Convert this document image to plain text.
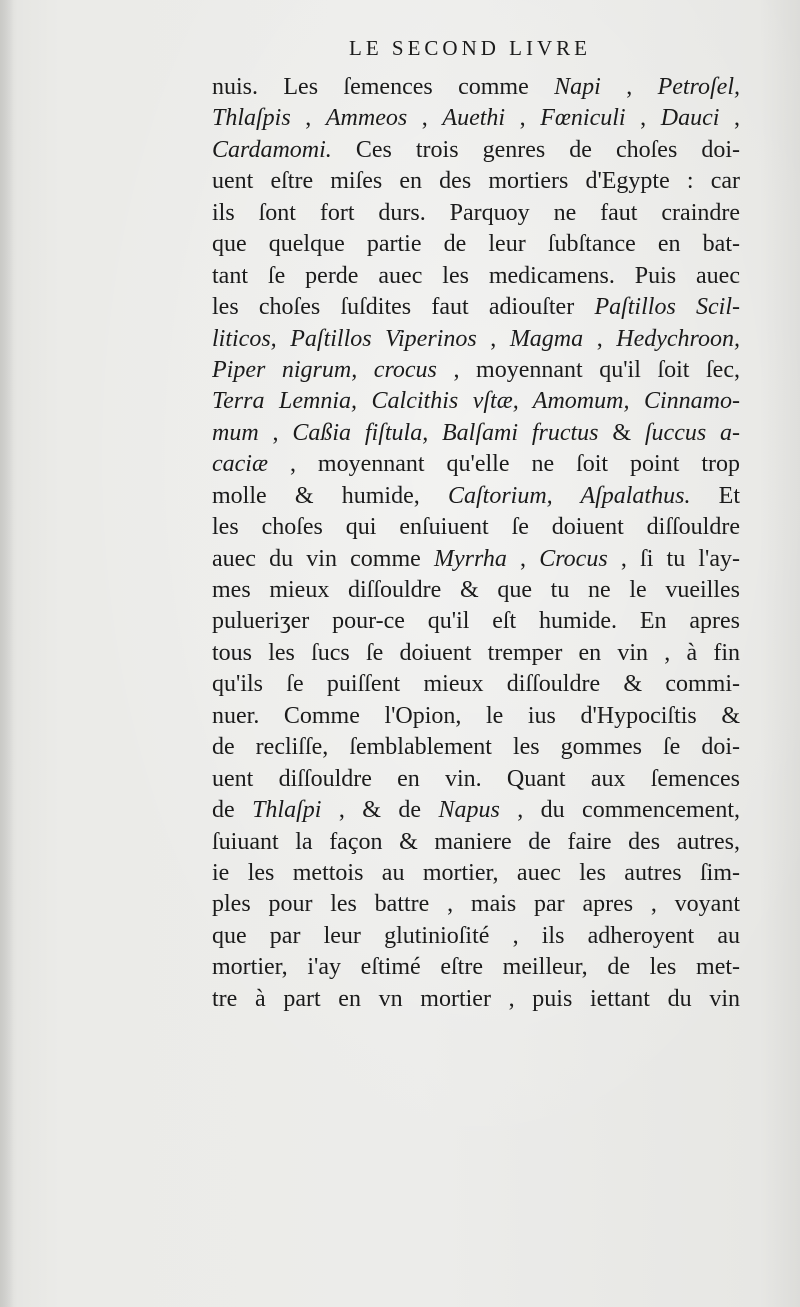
LE SECOND LIVRE
nuis. Les ſemences comme Napi , Petroſel,
Thlaſpis , Ammeos , Auethi , Fœniculi , Dauci ,
Cardamomi. Ces trois genres de choſes doi-
uent eſtre miſes en des mortiers d'Egypte : car
ils ſont fort durs. Parquoy ne faut craindre
que quelque partie de leur ſubſtance en bat-
tant ſe perde auec les medicamens. Puis auec
les choſes ſuſdites faut adiouſter Paſtillos Scil-
liticos, Paſtillos Viperinos , Magma , Hedychroon,
Piper nigrum, crocus , moyennant qu'il ſoit ſec,
Terra Lemnia, Calcithis vſtæ, Amomum, Cinnamo-
mum , Caßia fiſtula, Balſami fructus & ſuccus a-
caciæ , moyennant qu'elle ne ſoit point trop
molle & humide, Caſtorium, Aſpalathus. Et
les choſes qui enſuiuent ſe doiuent diſſouldre
auec du vin comme Myrrha , Crocus , ſi tu l'ay-
mes mieux diſſouldre & que tu ne le vueilles
pulueriʒer pour-ce qu'il eſt humide. En apres
tous les ſucs ſe doiuent tremper en vin , à fin
qu'ils ſe puiſſent mieux diſſouldre & commi-
nuer. Comme l'Opion, le ius d'Hypociſtis &
de recliſſe, ſemblablement les gommes ſe doi-
uent diſſouldre en vin. Quant aux ſemences
de Thlaſpi , & de Napus , du commencement,
ſuiuant la façon & maniere de faire des autres,
ie les mettois au mortier, auec les autres ſim-
ples pour les battre , mais par apres , voyant
que par leur glutinioſité , ils adheroyent au
mortier, i'ay eſtimé eſtre meilleur, de les met-
tre à part en vn mortier , puis iettant du vin
